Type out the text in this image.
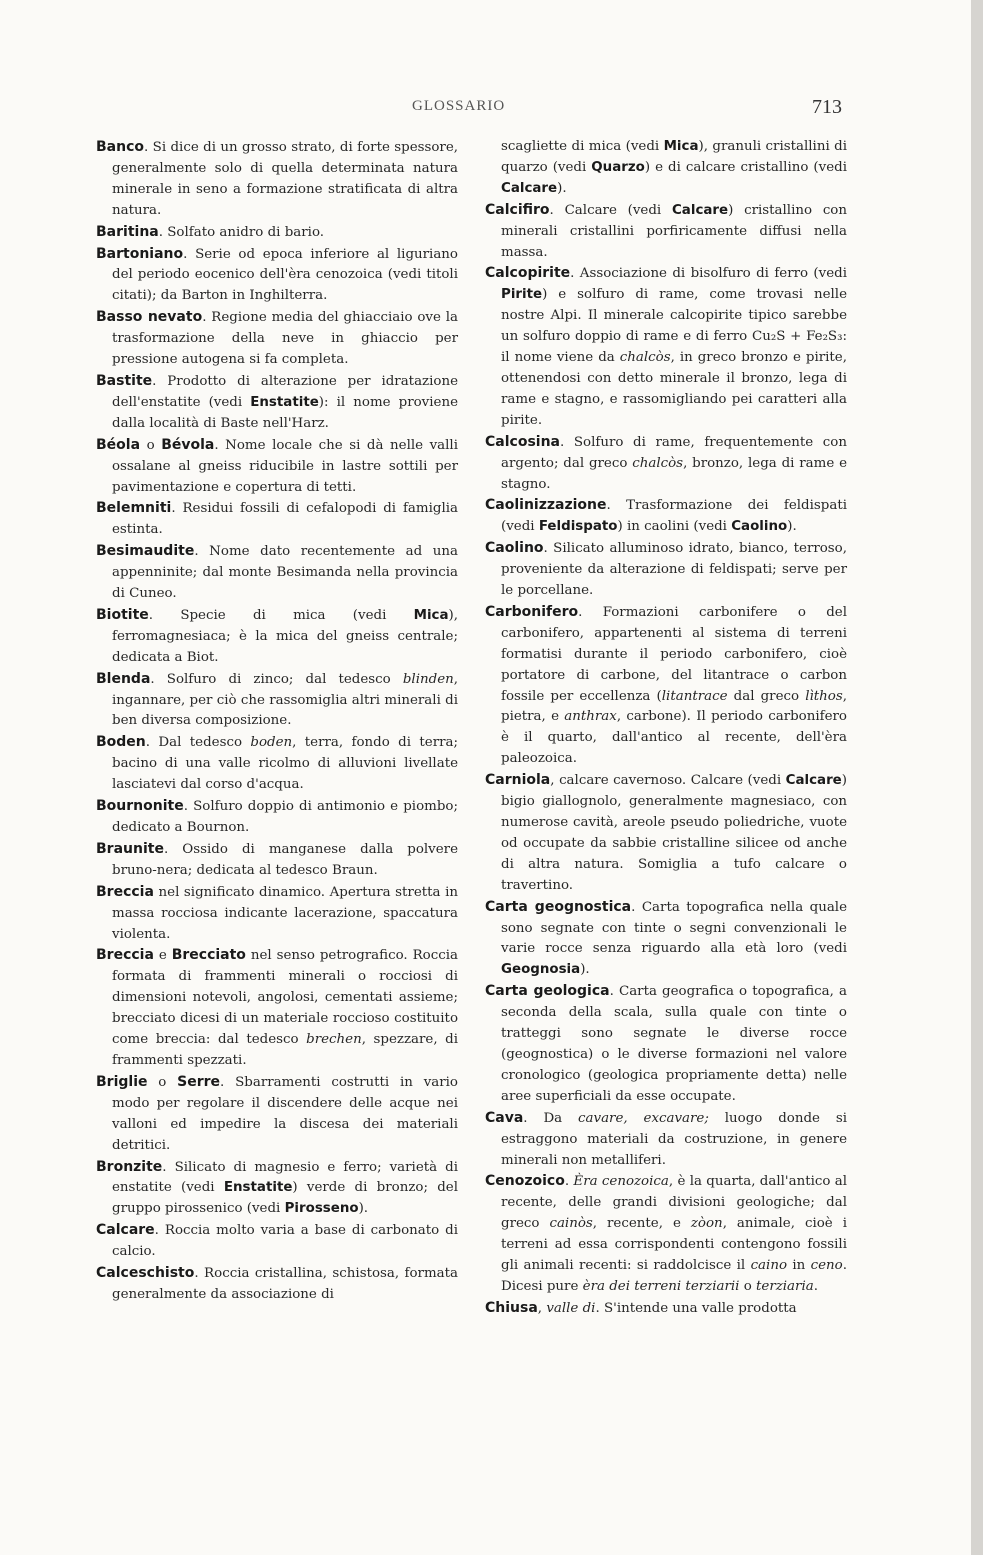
GLOSSARIO	713

Banco. Si dice di un grosso strato, di forte spessore, generalmente solo di quella determinata natura minerale in seno a formazione stratificata di altra natura.

Baritina. Solfato anidro di bario.

Bartoniano. Serie od epoca inferiore al liguriano del periodo eocenico dell'èra cenozoica (vedi titoli citati); da Barton in Inghilterra.

Basso nevato. Regione media del ghiacciaio ove la trasformazione della neve in ghiaccio per pressione autogena si fa completa.

Bastite. Prodotto di alterazione per idratazione dell'enstatite (vedi Enstatite): il nome proviene dalla località di Baste nell'Harz.

Béola o Bévola. Nome locale che si dà nelle valli ossalane al gneiss riducibile in lastre sottili per pavimentazione e copertura di tetti.

Belemniti. Residui fossili di cefalopodi di famiglia estinta.

Besimaudite. Nome dato recentemente ad una appenninite; dal monte Besimanda nella provincia di Cuneo.

Biotite. Specie di mica (vedi Mica), ferromagnesiaca; è la mica del gneiss centrale; dedicata a Biot.

Blenda. Solfuro di zinco; dal tedesco blinden, ingannare, per ciò che rassomiglia altri minerali di ben diversa composizione.

Boden. Dal tedesco boden, terra, fondo di terra; bacino di una valle ricolmo di alluvioni livellate lasciatevi dal corso d'acqua.

Bournonite. Solfuro doppio di antimonio e piombo; dedicato a Bournon.

Braunite. Ossido di manganese dalla polvere bruno-nera; dedicata al tedesco Braun.

Breccia nel significato dinamico. Apertura stretta in massa rocciosa indicante lacerazione, spaccatura violenta.

Breccia e Brecciato nel senso petrografico. Roccia formata di frammenti minerali o rocciosi di dimensioni notevoli, angolosi, cementati assieme; brecciato dicesi di un materiale roccioso costituito come breccia: dal tedesco brechen, spezzare, di frammenti spezzati.

Briglie o Serre. Sbarramenti costrutti in vario modo per regolare il discendere delle acque nei valloni ed impedire la discesa dei materiali detritici.

Bronzite. Silicato di magnesio e ferro; varietà di enstatite (vedi Enstatite) verde di bronzo; del gruppo pirossenico (vedi Pirosseno).

Calcare. Roccia molto varia a base di carbonato di calcio.

Calceschisto. Roccia cristallina, schistosa, formata generalmente da associazione di

scagliette di mica (vedi Mica), granuli cristallini di quarzo (vedi Quarzo) e di calcare cristallino (vedi Calcare).

Calcifiro. Calcare (vedi Calcare) cristallino con minerali cristallini porfiricamente diffusi nella massa.

Calcopirite. Associazione di bisolfuro di ferro (vedi Pirite) e solfuro di rame, come trovasi nelle nostre Alpi. Il minerale calcopirite tipico sarebbe un solfuro doppio di rame e di ferro Cu₂S + Fe₂S₃: il nome viene da chalcòs, in greco bronzo e pirite, ottenendosi con detto minerale il bronzo, lega di rame e stagno, e rassomigliando pei caratteri alla pirite.

Calcosina. Solfuro di rame, frequentemente con argento; dal greco chalcòs, bronzo, lega di rame e stagno.

Caolinizzazione. Trasformazione dei feldispati (vedi Feldispato) in caolini (vedi Caolino).

Caolino. Silicato alluminoso idrato, bianco, terroso, proveniente da alterazione di feldispati; serve per le porcellane.

Carbonifero. Formazioni carbonifere o del carbonifero, appartenenti al sistema di terreni formatisi durante il periodo carbonifero, cioè portatore di carbone, del litantrace o carbon fossile per eccellenza (litantrace dal greco lìthos, pietra, e anthrax, carbone). Il periodo carbonifero è il quarto, dall'antico al recente, dell'èra paleozoica.

Carniola, calcare cavernoso. Calcare (vedi Calcare) bigio giallognolo, generalmente magnesiaco, con numerose cavità, areole pseudo poliedriche, vuote od occupate da sabbie cristalline silicee od anche di altra natura. Somiglia a tufo calcare o travertino.

Carta geognostica. Carta topografica nella quale sono segnate con tinte o segni convenzionali le varie rocce senza riguardo alla età loro (vedi Geognosia).

Carta geologica. Carta geografica o topografica, a seconda della scala, sulla quale con tinte o tratteggi sono segnate le diverse rocce (geognostica) o le diverse formazioni nel valore cronologico (geologica propriamente detta) nelle aree superficiali da esse occupate.

Cava. Da cavare, excavare; luogo donde si estraggono materiali da costruzione, in genere minerali non metalliferi.

Cenozoico. Èra cenozoica, è la quarta, dall'antico al recente, delle grandi divisioni geologiche; dal greco cainòs, recente, e zòon, animale, cioè i terreni ad essa corrispondenti contengono fossili gli animali recenti: si raddolcisce il caino in ceno. Dicesi pure èra dei terreni terziarii o terziaria.

Chiusa, valle di. S'intende una valle prodotta
